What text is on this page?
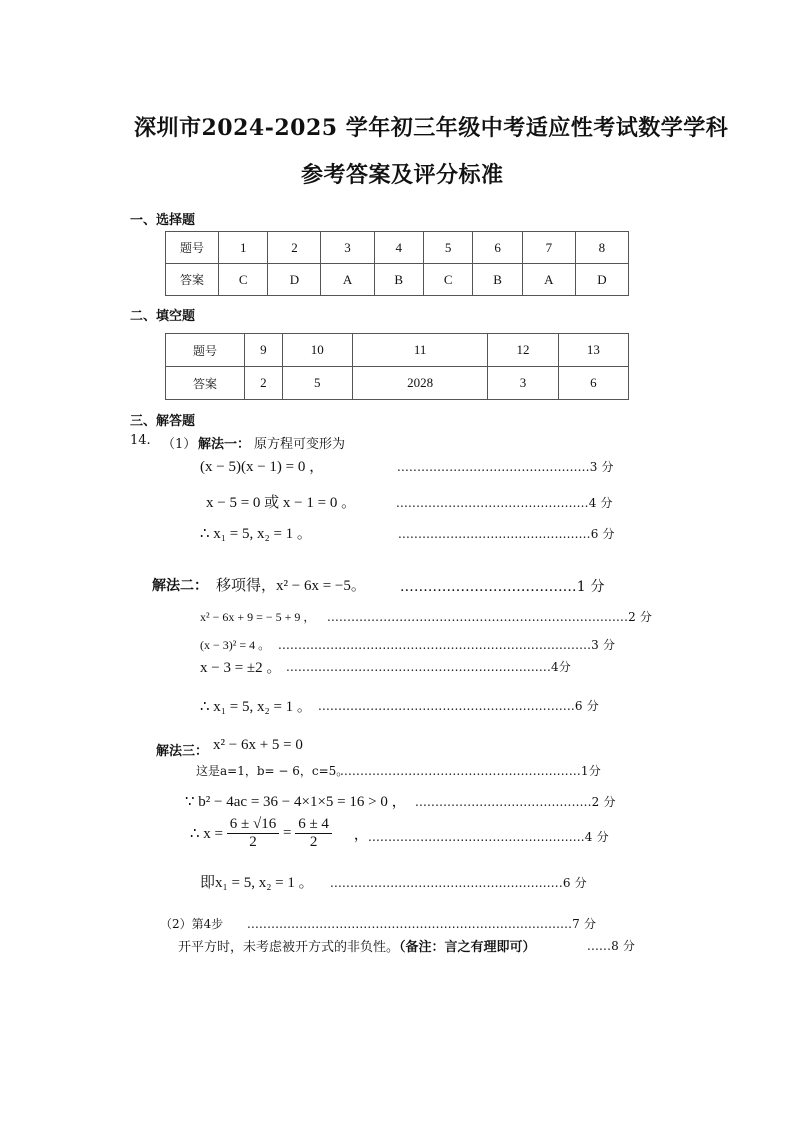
深圳市2024-2025 学年初三年级中考适应性考试数学学科
参考答案及评分标准
一、选择题
题号	1	2	3	4	5	6	7	8
答案	C	D	A	B	C	B	A	D
二、填空题
题号	9	10	11	12	13
答案	2	5	2028	3	6
三、解答题
14. （1） 解法一： 原方程可变形为
(x − 5)(x − 1) = 0 ，	................................................3 分
x − 5 = 0 或 x − 1 = 0 。	................................................4 分
∴ x₁ = 5, x₂ = 1 。	................................................6 分
解法二： 移项得，x² − 6x = −5。 ......................................1 分
x² − 6x + 9 = − 5 + 9 ， ...........................................................................2 分
(x − 3)² = 4 。 ..............................................................................3 分
x − 3 = ±2 。 ..................................................................4分
∴ x₁ = 5, x₂ = 1 。 ................................................................6 分
解法三： x² − 6x + 5 = 0
这是a=1，b= − 6，c=5。
............................................................1分
∵ b² − 4ac = 36 − 4×1×5 = 16 > 0 ， ............................................2 分
∴ $x = \frac{6 \pm √16}{2} = \frac{6 \pm 4}{2}$ ， ......................................................4 分
即x₁ = 5, x₂ = 1 。 ..........................................................6 分
（2）第4步 .................................................................................7 分
开平方时，未考虑被开方式的非负性。（备注：言之有理即可）	......8 分
